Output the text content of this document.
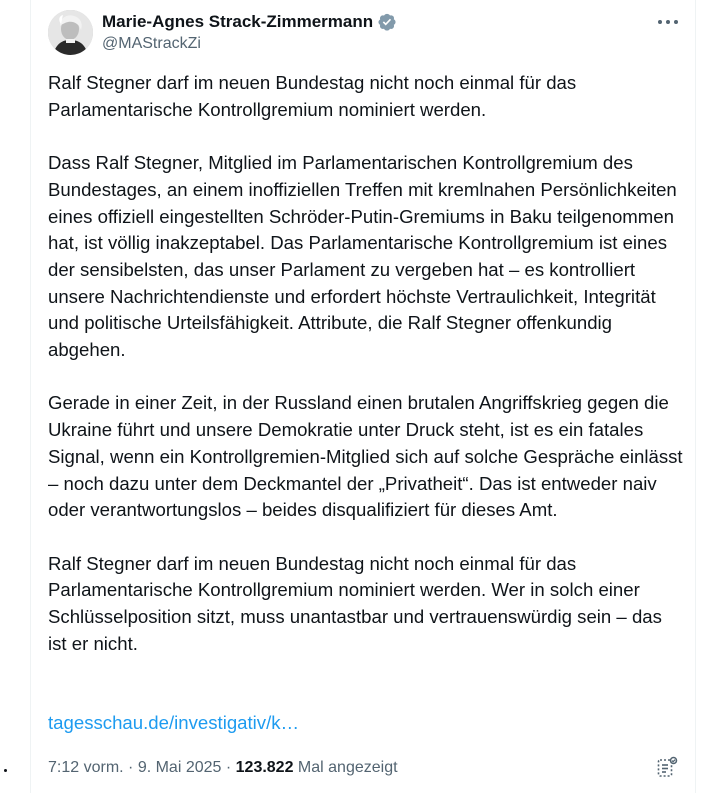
Marie-Agnes Strack-Zimmermann
@MAStrackZi

Ralf Stegner darf im neuen Bundestag nicht noch einmal für das Parlamentarische Kontrollgremium nominiert werden.

Dass Ralf Stegner, Mitglied im Parlamentarischen Kontrollgremium des Bundestages, an einem inoffiziellen Treffen mit kremlnahen Persönlichkeiten eines offiziell eingestellten Schröder-Putin-Gremiums in Baku teilgenommen hat, ist völlig inakzeptabel. Das Parlamentarische Kontrollgremium ist eines der sensibelsten, das unser Parlament zu vergeben hat – es kontrolliert unsere Nachrichtendienste und erfordert höchste Vertraulichkeit, Integrität und politische Urteilsfähigkeit. Attribute, die Ralf Stegner offenkundig abgehen.

Gerade in einer Zeit, in der Russland einen brutalen Angriffskrieg gegen die Ukraine führt und unsere Demokratie unter Druck steht, ist es ein fatales Signal, wenn ein Kontrollgremien-Mitglied sich auf solche Gespräche einlässt – noch dazu unter dem Deckmantel der „Privatheit“. Das ist entweder naiv oder verantwortungslos – beides disqualifiziert für dieses Amt.

Ralf Stegner darf im neuen Bundestag nicht noch einmal für das Parlamentarische Kontrollgremium nominiert werden. Wer in solch einer Schlüsselposition sitzt, muss unantastbar und vertrauenswürdig sein – das ist er nicht.

tagesschau.de/investigativ/k…
7:12 vorm. · 9. Mai 2025 · 123.822 Mal angezeigt
